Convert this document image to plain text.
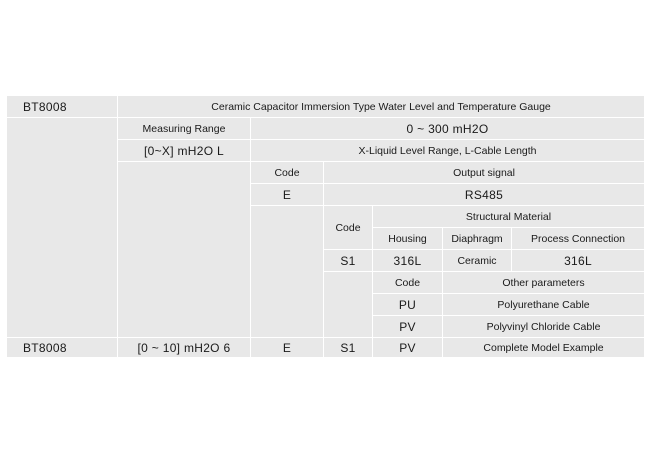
BT8008	Ceramic Capacitor Immersion Type Water Level and Temperature Gauge					
	Measuring Range	0 ~ 300 mH2O				
	[0~X] mH2O L	X-Liquid Level Range, L-Cable Length				
		Code	Output signal			
		E	RS485			
			Code	Structural Material		
				Housing	Diaphragm	Process Connection
			S1	316L	Ceramic	316L
				Code	Other parameters	
				PU	Polyurethane Cable	
				PV	Polyvinyl Chloride Cable	
BT8008	[0 ~ 10] mH2O 6	E	S1	PV	Complete Model Example	
